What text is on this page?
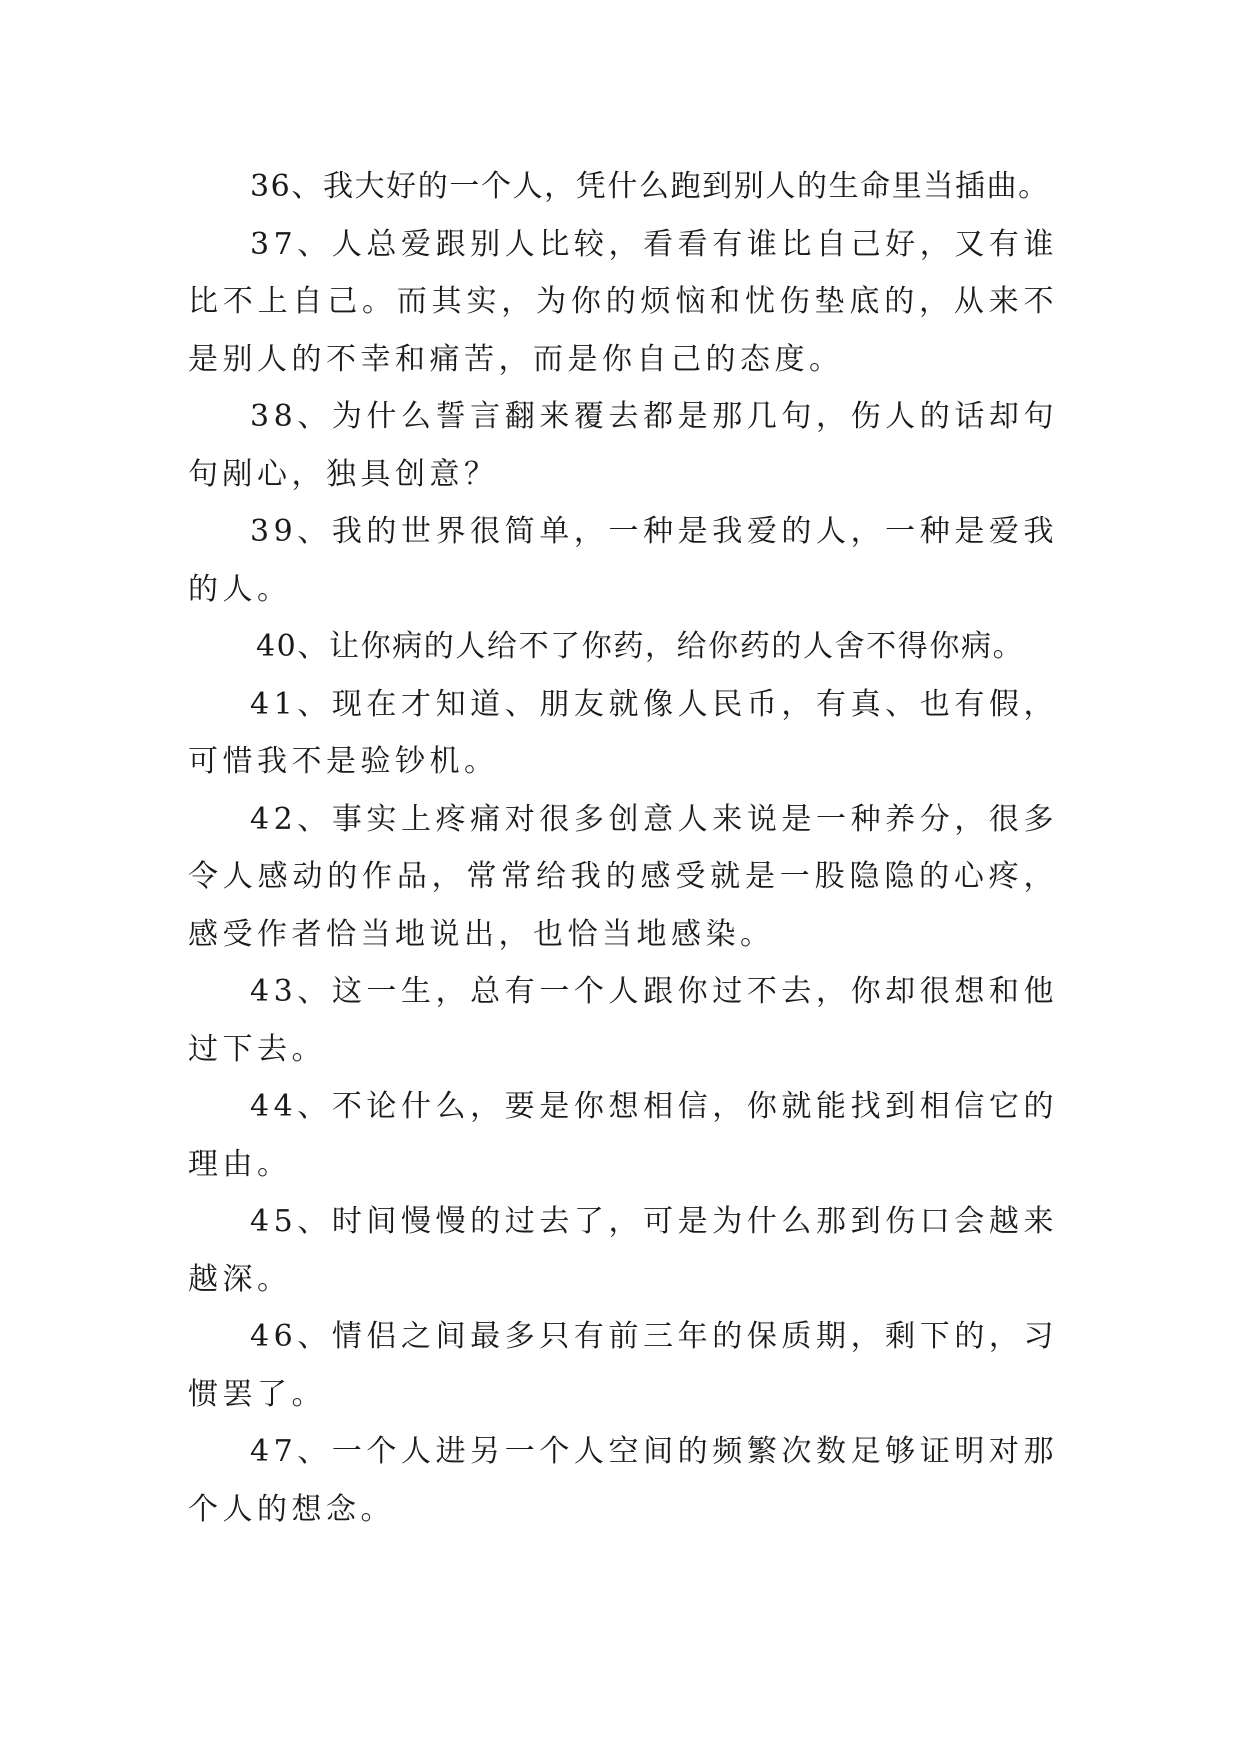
36、我大好的一个人，凭什么跑到别人的生命里当插曲。

37、人总爱跟别人比较，看看有谁比自己好，又有谁比不上自己。而其实，为你的烦恼和忧伤垫底的，从来不是别人的不幸和痛苦，而是你自己的态度。

38、为什么誓言翻来覆去都是那几句，伤人的话却句句剐心，独具创意？

39、我的世界很简单，一种是我爱的人，一种是爱我的人。

40、让你病的人给不了你药，给你药的人舍不得你病。

41、现在才知道、朋友就像人民币，有真、也有假，可惜我不是验钞机。

42、事实上疼痛对很多创意人来说是一种养分，很多令人感动的作品，常常给我的感受就是一股隐隐的心疼，感受作者恰当地说出，也恰当地感染。

43、这一生，总有一个人跟你过不去，你却很想和他过下去。

44、不论什么，要是你想相信，你就能找到相信它的理由。

45、时间慢慢的过去了，可是为什么那到伤口会越来越深。

46、情侣之间最多只有前三年的保质期，剩下的，习惯罢了。

47、一个人进另一个人空间的频繁次数足够证明对那个人的想念。
